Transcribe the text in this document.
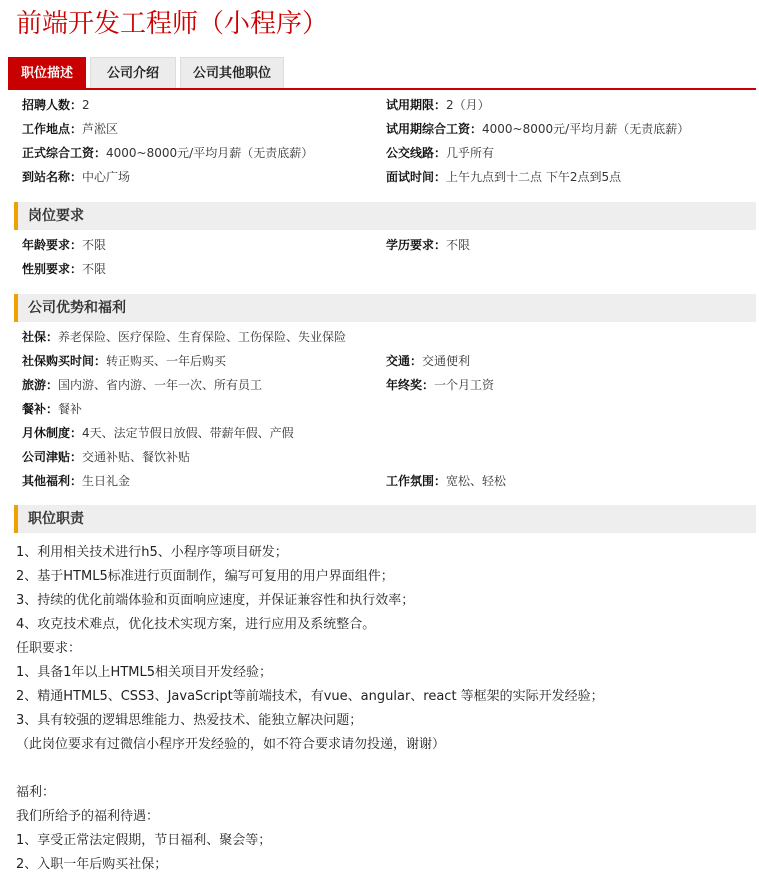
前端开发工程师（小程序）
职位描述	公司介绍	公司其他职位
招聘人数：2	试用期限：2（月）
工作地点：芦淞区	试用期综合工资：4000~8000元/平均月薪（无责底薪）
正式综合工资：4000~8000元/平均月薪（无责底薪）	公交线路：几乎所有
到站名称：中心广场	面试时间：上午九点到十二点 下午2点到5点
岗位要求
年龄要求：不限	学历要求：不限
性别要求：不限
公司优势和福利
社保：养老保险、医疗保险、生育保险、工伤保险、失业保险
社保购买时间：转正购买、一年后购买	交通：交通便利
旅游：国内游、省内游、一年一次、所有员工	年终奖：一个月工资
餐补：餐补
月休制度：4天、法定节假日放假、带薪年假、产假
公司津贴：交通补贴、餐饮补贴
其他福利：生日礼金	工作氛围：宽松、轻松
职位职责
1、利用相关技术进行h5、小程序等项目研发；
2、基于HTML5标准进行页面制作，编写可复用的用户界面组件；
3、持续的优化前端体验和页面响应速度，并保证兼容性和执行效率；
4、攻克技术难点，优化技术实现方案，进行应用及系统整合。
任职要求：
1、具备1年以上HTML5相关项目开发经验；
2、精通HTML5、CSS3、JavaScript等前端技术，有vue、angular、react 等框架的实际开发经验；
3、具有较强的逻辑思维能力、热爱技术、能独立解决问题；
（此岗位要求有过微信小程序开发经验的，如不符合要求请勿投递，谢谢）
福利：
我们所给予的福利待遇：
1、享受正常法定假期，节日福利、聚会等；
2、入职一年后购买社保；
